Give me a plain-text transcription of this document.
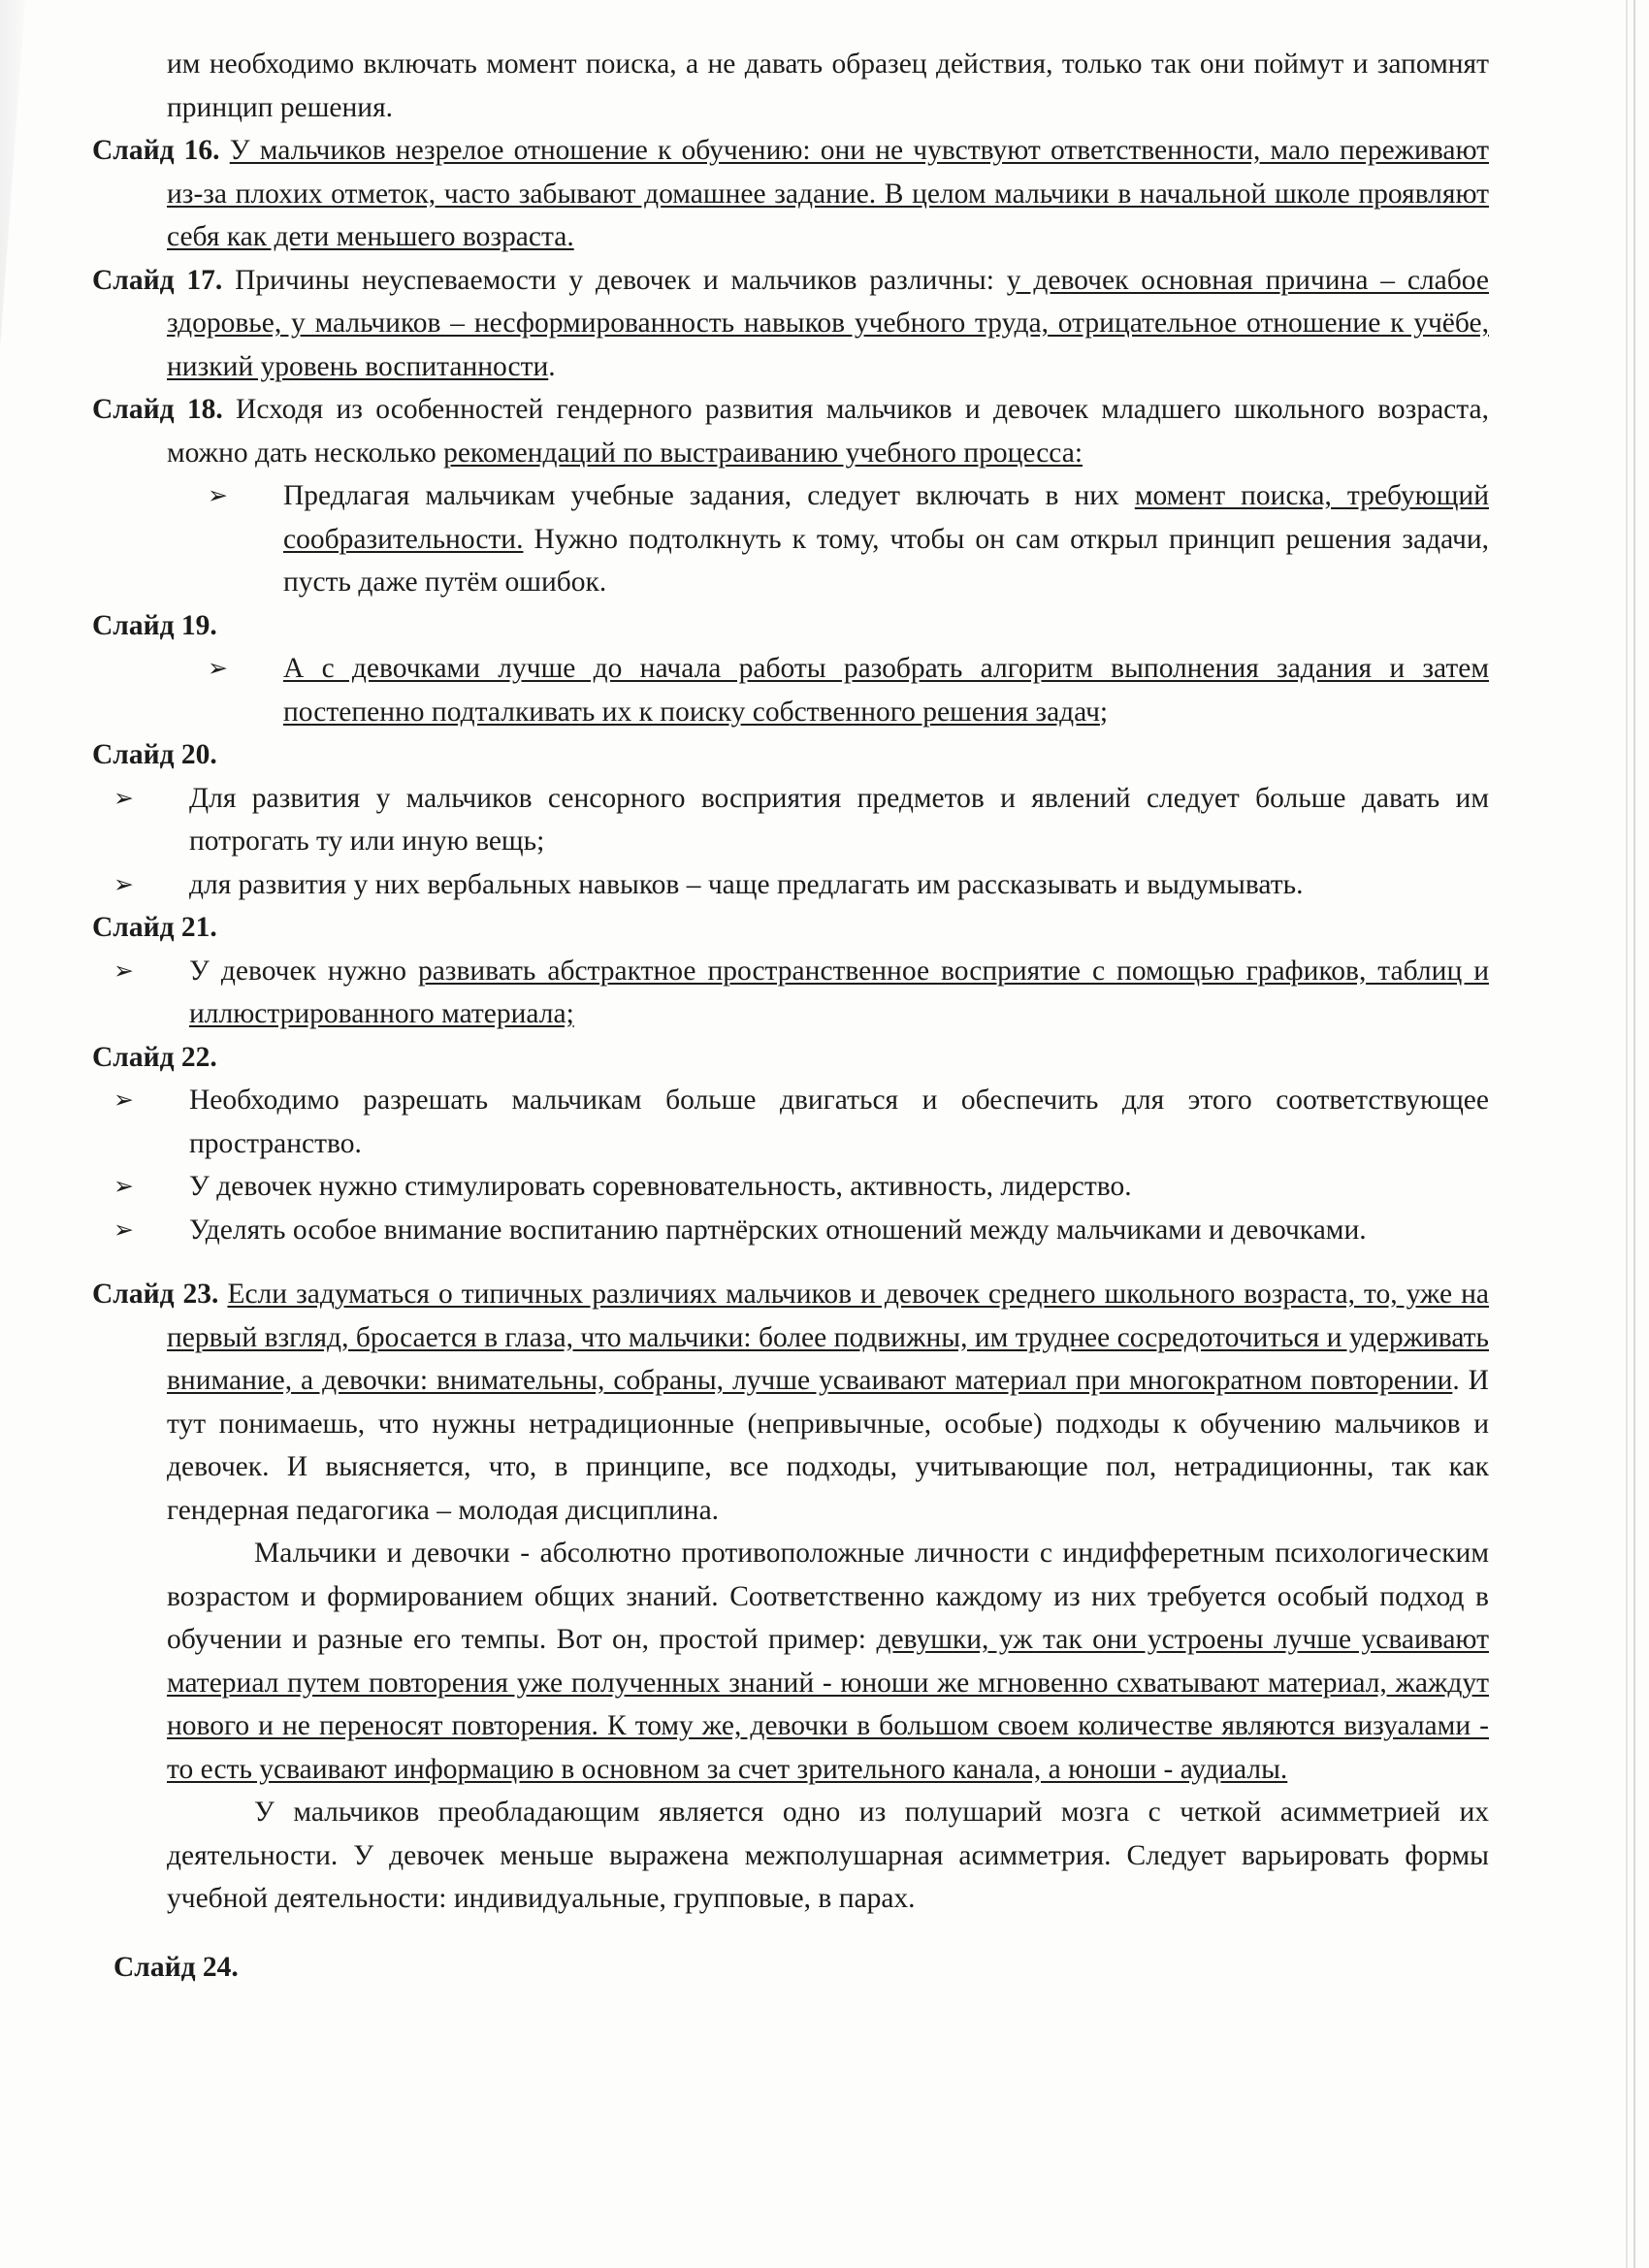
им необходимо включать момент поиска, а не давать образец действия, только так они поймут и запомнят принцип решения.

Слайд 16. У мальчиков незрелое отношение к обучению: они не чувствуют ответственности, мало переживают из-за плохих отметок, часто забывают домашнее задание. В целом мальчики в начальной школе проявляют себя как дети меньшего возраста.

Слайд 17. Причины неуспеваемости у девочек и мальчиков различны: у девочек основная причина – слабое здоровье, у мальчиков – несформированность навыков учебного труда, отрицательное отношение к учёбе, низкий уровень воспитанности.

Слайд 18. Исходя из особенностей гендерного развития мальчиков и девочек младшего школьного возраста, можно дать несколько рекомендаций по выстраиванию учебного процесса:

➢ Предлагая мальчикам учебные задания, следует включать в них момент поиска, требующий сообразительности. Нужно подтолкнуть к тому, чтобы он сам открыл принцип решения задачи, пусть даже путём ошибок.

Слайд 19.

➢ А с девочками лучше до начала работы разобрать алгоритм выполнения задания и затем постепенно подталкивать их к поиску собственного решения задач;

Слайд 20.

➢ Для развития у мальчиков сенсорного восприятия предметов и явлений следует больше давать им потрогать ту или иную вещь;
➢ для развития у них вербальных навыков – чаще предлагать им рассказывать и выдумывать.

Слайд 21.

➢ У девочек нужно развивать абстрактное пространственное восприятие с помощью графиков, таблиц и иллюстрированного материала;

Слайд 22.

➢ Необходимо разрешать мальчикам больше двигаться и обеспечить для этого соответствующее пространство.
➢ У девочек нужно стимулировать соревновательность, активность, лидерство.
➢ Уделять особое внимание воспитанию партнёрских отношений между мальчиками и девочками.

Слайд 23. Если задуматься о типичных различиях мальчиков и девочек среднего школьного возраста, то, уже на первый взгляд, бросается в глаза, что мальчики: более подвижны, им труднее сосредоточиться и удерживать внимание, а девочки: внимательны, собраны, лучше усваивают материал при многократном повторении. И тут понимаешь, что нужны нетрадиционные (непривычные, особые) подходы к обучению мальчиков и девочек. И выясняется, что, в принципе, все подходы, учитывающие пол, нетрадиционны, так как гендерная педагогика – молодая дисциплина.

Мальчики и девочки - абсолютно противоположные личности с индифферетным психологическим возрастом и формированием общих знаний. Соответственно каждому из них требуется особый подход в обучении и разные его темпы. Вот он, простой пример: девушки, уж так они устроены лучше усваивают материал путем повторения уже полученных знаний - юноши же мгновенно схватывают материал, жаждут нового и не переносят повторения. К тому же, девочки в большом своем количестве являются визуалами - то есть усваивают информацию в основном за счет зрительного канала, а юноши - аудиалы.

У мальчиков преобладающим является одно из полушарий мозга с четкой асимметрией их деятельности. У девочек меньше выражена межполушарная асимметрия. Следует варьировать формы учебной деятельности: индивидуальные, групповые, в парах.

Слайд 24.
